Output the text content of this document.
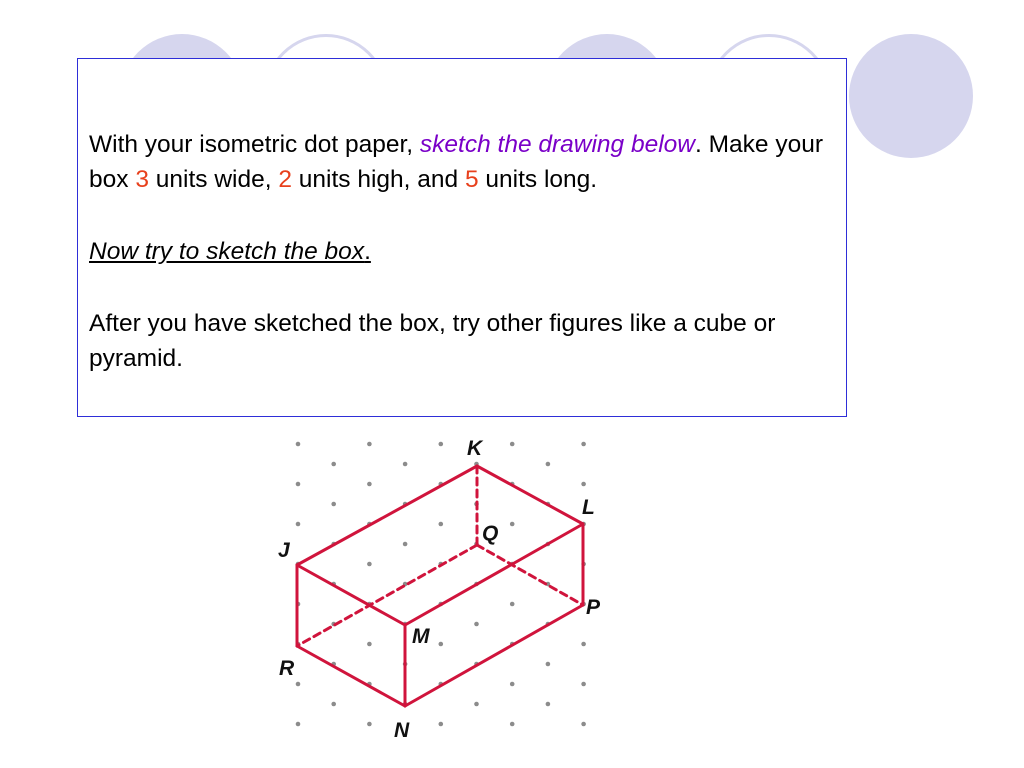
With your isometric dot paper, sketch the drawing below. Make your box 3 units wide, 2 units high, and 5 units long.

Now try to sketch the box.

After you have sketched the box, try other figures like a cube or pyramid.

K
L
Q
J
P
M
R
N
